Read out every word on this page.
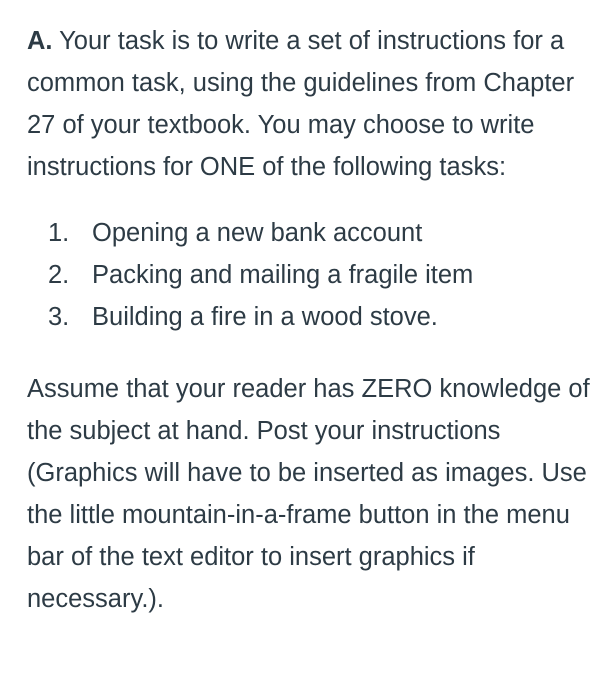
A. Your task is to write a set of instructions for a common task, using the guidelines from Chapter 27 of your textbook. You may choose to write instructions for ONE of the following tasks:

1. Opening a new bank account
2. Packing and mailing a fragile item
3. Building a fire in a wood stove.

Assume that your reader has ZERO knowledge of the subject at hand. Post your instructions (Graphics will have to be inserted as images. Use the little mountain-in-a-frame button in the menu bar of the text editor to insert graphics if necessary.).
